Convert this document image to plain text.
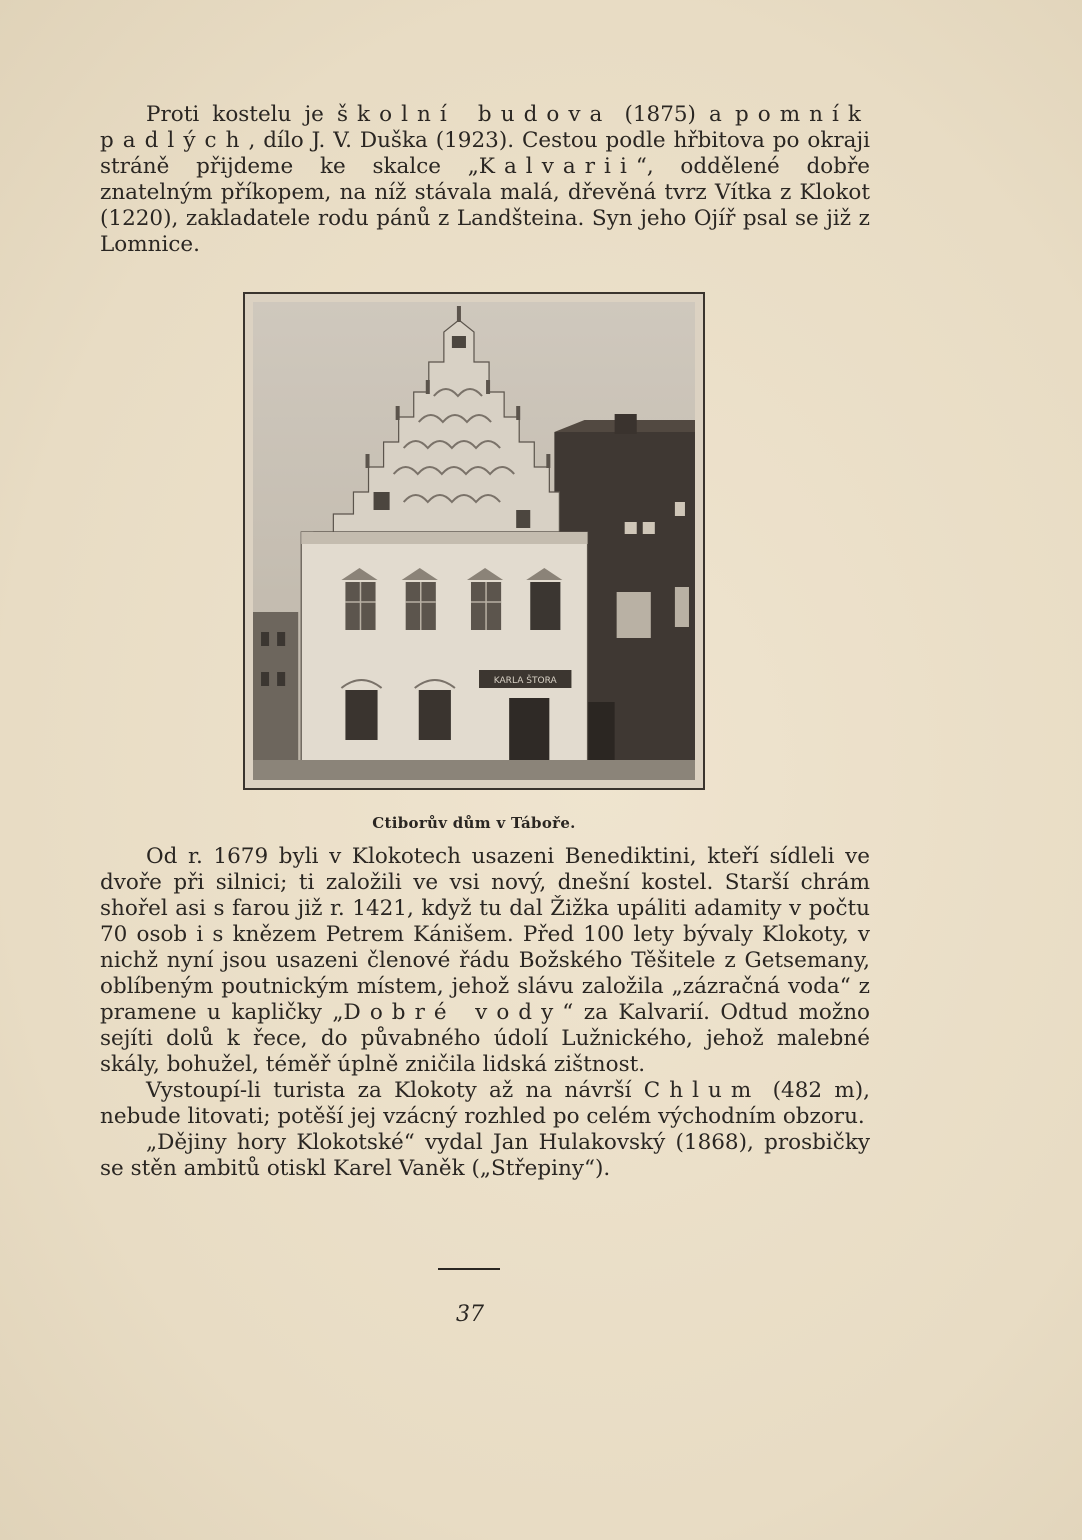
Proti kostelu je školní budova (1875) a pomník padlých, dílo J. V. Duška (1923). Cestou podle hřbitova po okraji stráně přijdeme ke skalce „Kalvarii“, oddělené dobře znatelným příkopem, na níž stávala malá, dřevěná tvrz Vítka z Klokot (1220), zakladatele rodu pánů z Landšteina. Syn jeho Ojíř psal se již z Lomnice.

KARLA ŠTORA
Ctiborův dům v Táboře.

Od r. 1679 byli v Klokotech usazeni Benediktini, kteří sídleli ve dvoře při silnici; ti založili ve vsi nový, dnešní kostel. Starší chrám shořel asi s farou již r. 1421, když tu dal Žižka upáliti adamity v počtu 70 osob i s knězem Petrem Kánišem. Před 100 lety bývaly Klokoty, v nichž nyní jsou usazeni členové řádu Božského Těšitele z Getsemany, oblíbeným poutnickým místem, jehož slávu založila „zázračná voda“ z pramene u kapličky „Dobré vody“ za Kalvarií. Odtud možno sejíti dolů k řece, do půvabného údolí Lužnického, jehož malebné skály, bohužel, téměř úplně zničila lidská zištnost.

Vystoupí-li turista za Klokoty až na návrší Chlum (482 m), nebude litovati; potěší jej vzácný rozhled po celém východním obzoru.

„Dějiny hory Klokotské“ vydal Jan Hulakovský (1868), prosbičky se stěn ambitů otiskl Karel Vaněk („Střepiny“).

37
